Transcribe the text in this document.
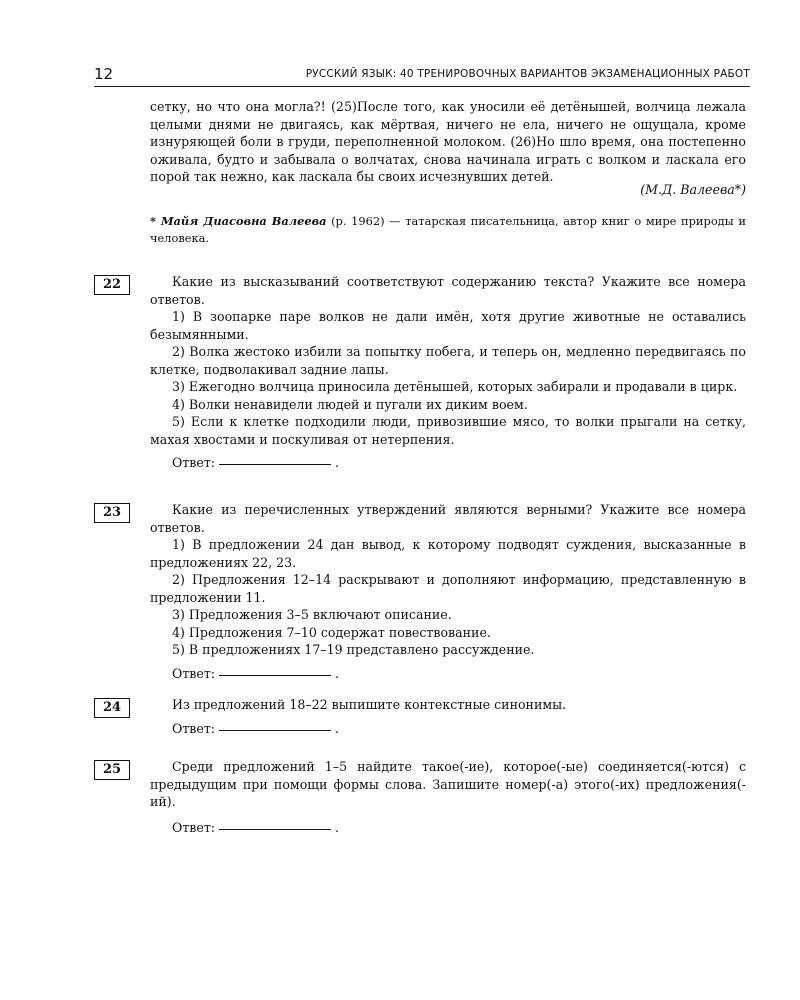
12	РУССКИЙ ЯЗЫК: 40 ТРЕНИРОВОЧНЫХ ВАРИАНТОВ ЭКЗАМЕНАЦИОННЫХ РАБОТ

сетку, но что она могла?! (25)После того, как уносили её детёнышей, волчица лежала целыми днями не двигаясь, как мёртвая, ничего не ела, ничего не ощущала, кроме изнуряющей боли в груди, переполненной молоком. (26)Но шло время, она постепенно оживала, будто и забывала о волчатах, снова начинала играть с волком и ласкала его порой так нежно, как ласкала бы своих исчезнувших детей.

(М.Д. Валеева*)
* Майя Диасовна Валеева (р. 1962) — татарская писательница, автор книг о мире природы и человека.
22	Какие из высказываний соответствуют содержанию текста? Укажите все номера ответов.

1) В зоопарке паре волков не дали имён, хотя другие животные не оставались безымянными.

2) Волка жестоко избили за попытку побега, и теперь он, медленно передвигаясь по клетке, подволакивал задние лапы.

3) Ежегодно волчица приносила детёнышей, которых забирали и продавали в цирк.

4) Волки ненавидели людей и пугали их диким воем.

5) Если к клетке подходили люди, привозившие мясо, то волки прыгали на сетку, махая хвостами и поскуливая от нетерпения.

Ответ:	.
23	Какие из перечисленных утверждений являются верными? Укажите все номера ответов.

1) В предложении 24 дан вывод, к которому подводят суждения, высказанные в предложениях 22, 23.

2) Предложения 12–14 раскрывают и дополняют информацию, представленную в предложении 11.

3) Предложения 3–5 включают описание.

4) Предложения 7–10 содержат повествование.

5) В предложениях 17–19 представлено рассуждение.

Ответ:	.
24	Из предложений 18–22 выпишите контекстные синонимы.

Ответ:	.
25	Среди предложений 1–5 найдите такое(-ие), которое(-ые) соединяется(-ются) с предыдущим при помощи формы слова. Запишите номер(-а) этого(-их) предложения(-ий).

Ответ:	.
